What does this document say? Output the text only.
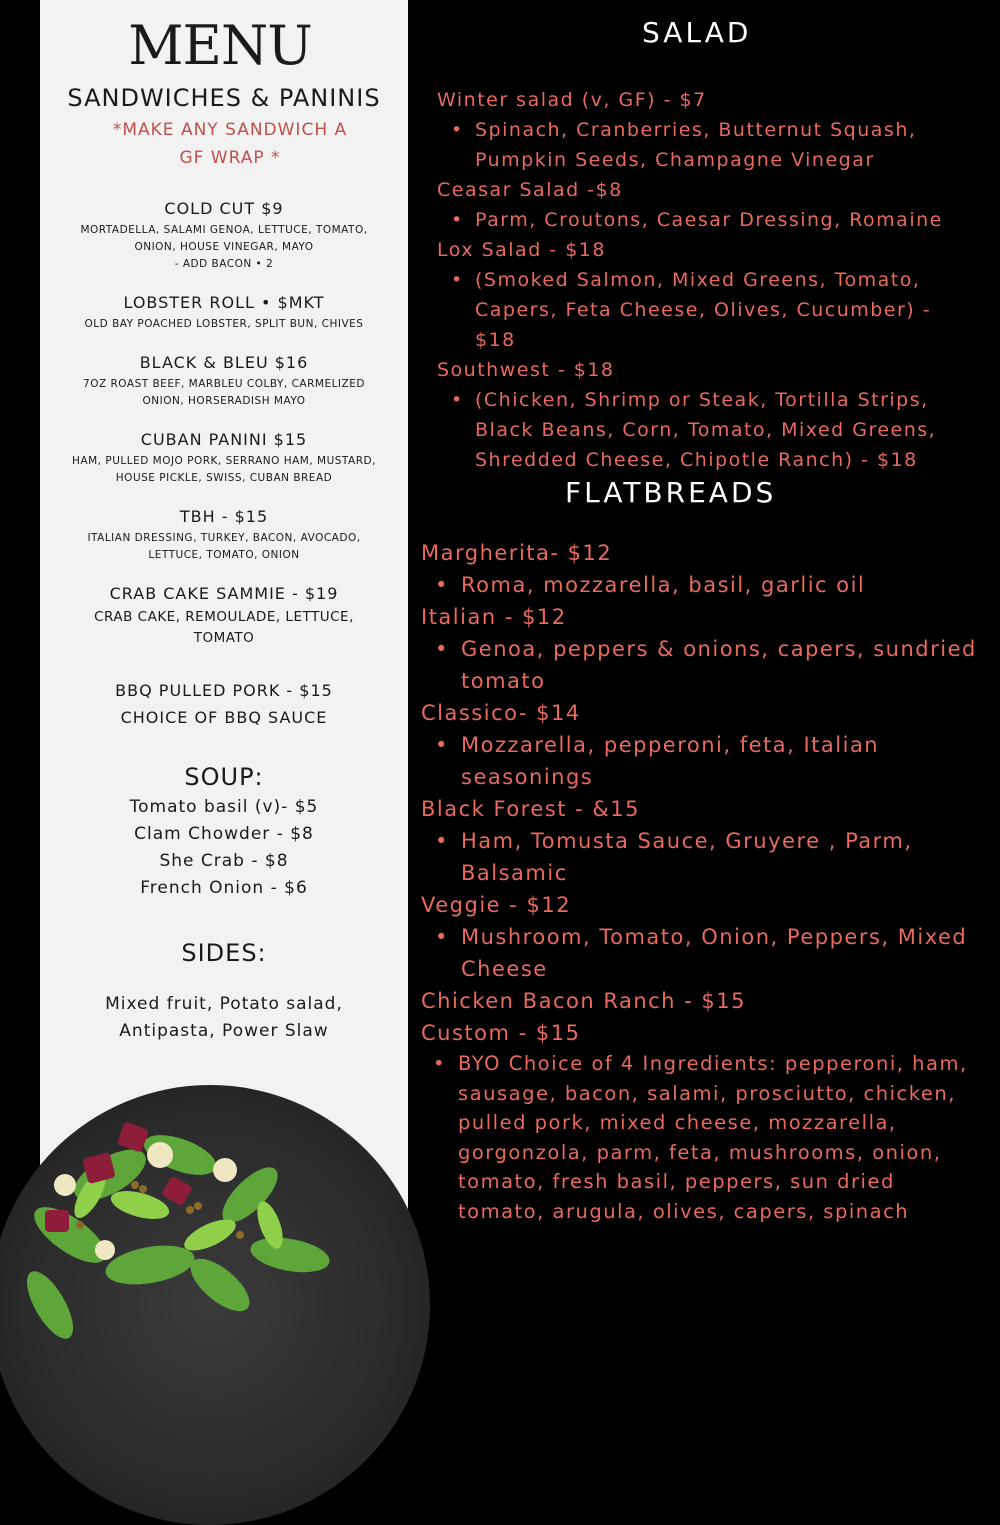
MENU
SANDWICHES & PANINIS
*MAKE ANY SANDWICH A GF WRAP *
COLD CUT $9
MORTADELLA, SALAMI GENOA, LETTUCE, TOMATO, ONION, HOUSE VINEGAR, MAYO
- ADD BACON • 2
LOBSTER ROLL • $MKT
OLD BAY POACHED LOBSTER, SPLIT BUN, CHIVES
BLACK & BLEU $16
7OZ ROAST BEEF, MARBLEU COLBY, CARMELIZED ONION, HORSERADISH MAYO
CUBAN PANINI $15
HAM, PULLED MOJO PORK, SERRANO HAM, MUSTARD, HOUSE PICKLE, SWISS, CUBAN BREAD
TBH - $15
ITALIAN DRESSING, TURKEY, BACON, AVOCADO, LETTUCE, TOMATO, ONION
CRAB CAKE SAMMIE - $19
CRAB CAKE, REMOULADE, LETTUCE, TOMATO
BBQ PULLED PORK - $15
CHOICE OF BBQ SAUCE
SOUP:
Tomato basil (v)- $5
Clam Chowder - $8
She Crab - $8
French Onion - $6
SIDES:
Mixed fruit, Potato salad, Antipasta, Power Slaw
SALAD
Winter salad (v, GF) - $7
• Spinach, Cranberries, Butternut Squash, Pumpkin Seeds, Champagne Vinegar
Ceasar Salad -$8
• Parm, Croutons, Caesar Dressing, Romaine
Lox Salad - $18
• (Smoked Salmon, Mixed Greens, Tomato, Capers, Feta Cheese, Olives, Cucumber) - $18
Southwest - $18
• (Chicken, Shrimp or Steak, Tortilla Strips, Black Beans, Corn, Tomato, Mixed Greens, Shredded Cheese, Chipotle Ranch) - $18
FLATBREADS
Margherita- $12
• Roma, mozzarella, basil, garlic oil
Italian - $12
• Genoa, peppers & onions, capers, sundried tomato
Classico- $14
• Mozzarella, pepperoni, feta, Italian seasonings
Black Forest - &15
• Ham, Tomusta Sauce, Gruyere , Parm, Balsamic
Veggie - $12
• Mushroom, Tomato, Onion, Peppers, Mixed Cheese
Chicken Bacon Ranch - $15
Custom - $15
• BYO Choice of 4 Ingredients: pepperoni, ham, sausage, bacon, salami, prosciutto, chicken, pulled pork, mixed cheese, mozzarella, gorgonzola, parm, feta, mushrooms, onion, tomato, fresh basil, peppers, sun dried tomato, arugula, olives, capers, spinach
